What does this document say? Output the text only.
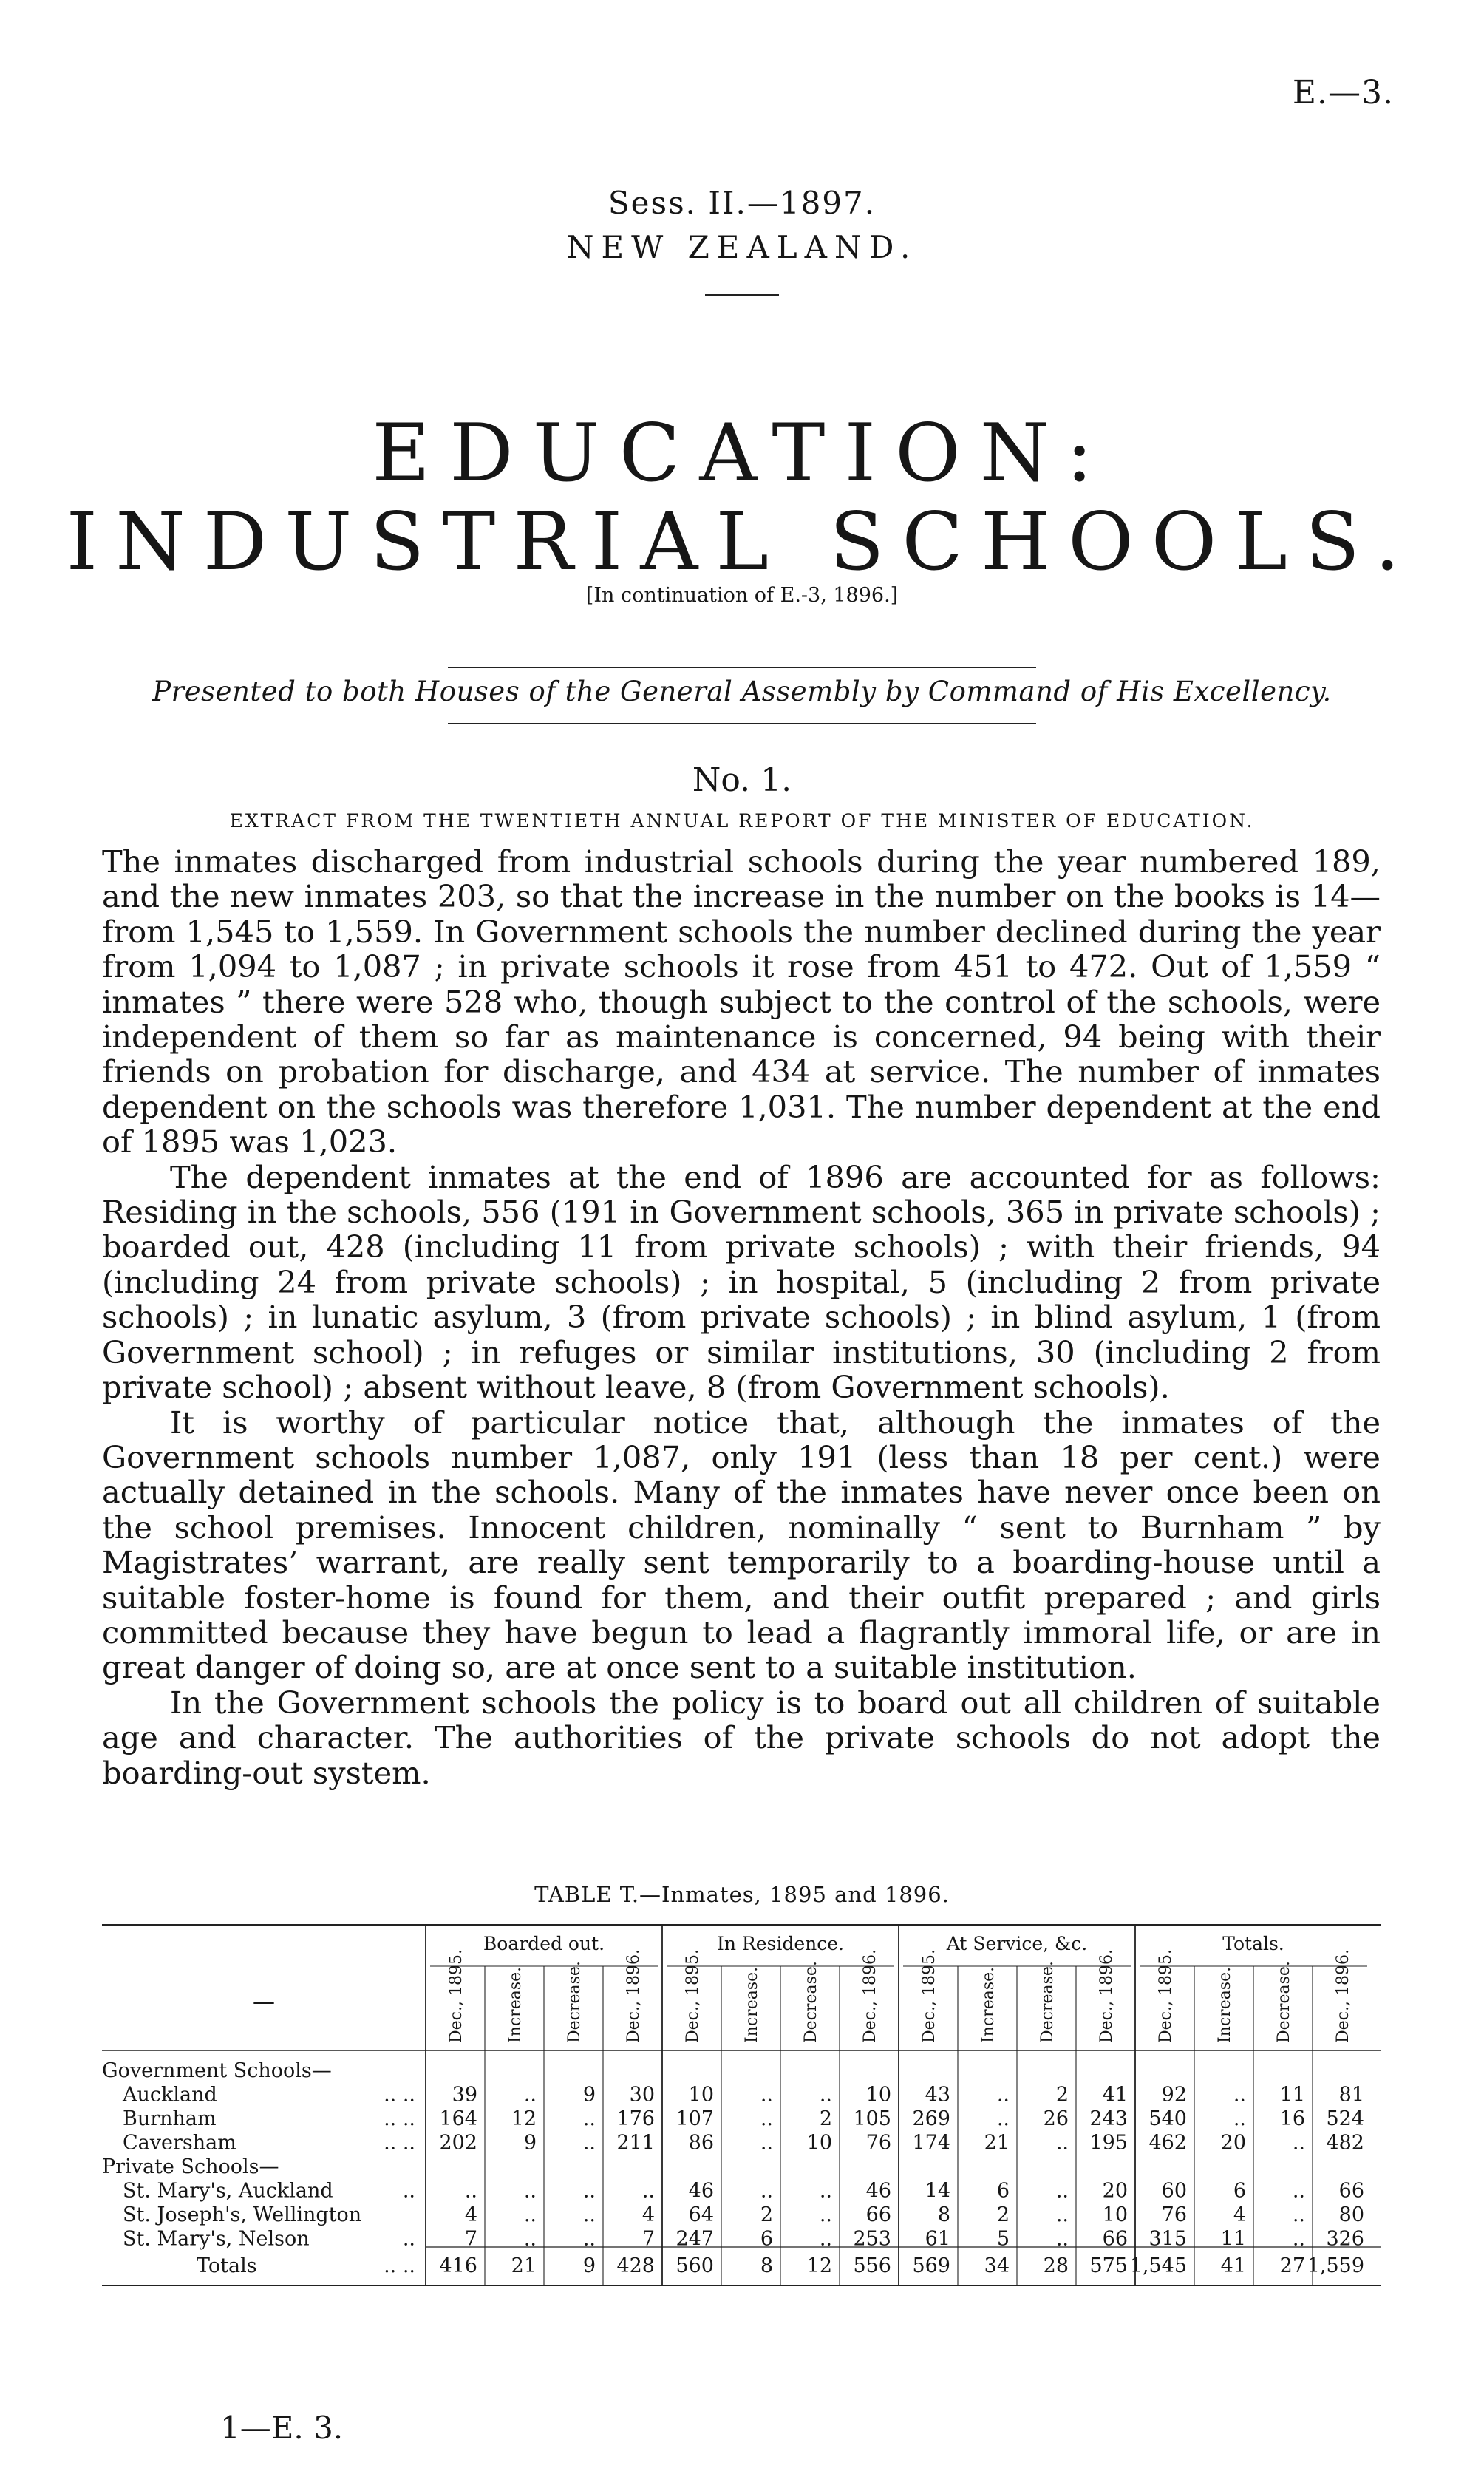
E.—3.
Sess. II.—1897.
NEW ZEALAND.
EDUCATION:
INDUSTRIAL SCHOOLS.
[In continuation of E.-3, 1896.]
Presented to both Houses of the General Assembly by Command of His Excellency.
No. 1.
EXTRACT FROM THE TWENTIETH ANNUAL REPORT OF THE MINISTER OF EDUCATION.

The inmates discharged from industrial schools during the year numbered 189, and the new inmates 203, so that the increase in the number on the books is 14—from 1,545 to 1,559. In Government schools the number declined during the year from 1,094 to 1,087 ; in private schools it rose from 451 to 472. Out of 1,559 “ inmates ” there were 528 who, though subject to the control of the schools, were independent of them so far as maintenance is concerned, 94 being with their friends on probation for discharge, and 434 at service. The number of inmates dependent on the schools was therefore 1,031. The number dependent at the end of 1895 was 1,023.

The dependent inmates at the end of 1896 are accounted for as follows: Residing in the schools, 556 (191 in Government schools, 365 in private schools) ; boarded out, 428 (including 11 from private schools) ; with their friends, 94 (including 24 from private schools) ; in hospital, 5 (including 2 from private schools) ; in lunatic asylum, 3 (from private schools) ; in blind asylum, 1 (from Government school) ; in refuges or similar institutions, 30 (including 2 from private school) ; absent without leave, 8 (from Government schools).

It is worthy of particular notice that, although the inmates of the Government schools number 1,087, only 191 (less than 18 per cent.) were actually detained in the schools. Many of the inmates have never once been on the school premises. Innocent children, nominally “ sent to Burnham ” by Magistrates’ warrant, are really sent temporarily to a boarding-house until a suitable foster-home is found for them, and their outfit prepared ; and girls committed because they have begun to lead a flagrantly immoral life, or are in great danger of doing so, are at once sent to a suitable institution.

In the Government schools the policy is to board out all children of suitable age and character. The authorities of the private schools do not adopt the boarding-out system.

TABLE T.—Inmates, 1895 and 1896.
Boarded out.	In Residence.	At Service, &c.	Totals.
—	Dec., 1895.	Increase.	Decrease.	Dec., 1896.	Dec., 1895.	Increase.	Decrease.	Dec., 1896.	Dec., 1895.	Increase.	Decrease.	Dec., 1896.	Dec., 1895.	Increase.	Decrease.	Dec., 1896.
Government Schools—
Auckland	.. .. 39 .. 9 30 10 .. .. 10 43 .. 2 41 92 .. 11 81
Burnham	.. .. 164 12 .. 176 107 .. 2 105 269 .. 26 243 540 .. 16 524
Caversham	.. .. 202 9 .. 211 86 .. 10 76 174 21 .. 195 462 20 .. 482
Private Schools—
St. Mary's, Auckland	.. .. .. .. .. 46 .. .. 46 14 6 .. 20 60 6 .. 66
St. Joseph's, Wellington	4 .. .. 4 64 2 .. 66 8 2 .. 10 76 4 .. 80
St. Mary's, Nelson	.. 7 .. .. 7 247 6 .. 253 61 5 .. 66 315 11 .. 326
Totals	.. .. 416 21 9 428 560 8 12 556 569 34 28 575 1,545 41 27 1,559
1—E. 3.
